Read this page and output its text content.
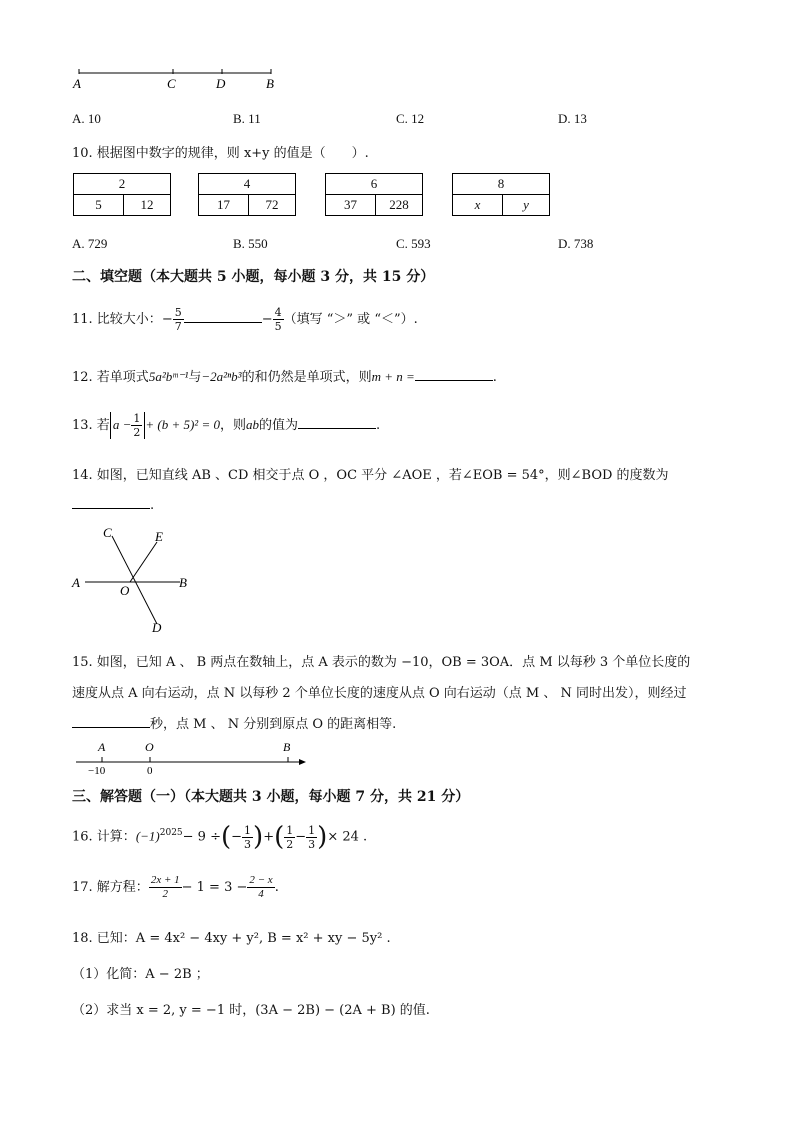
A	C	D	B
A. 10	B. 11	C. 12	D. 13
10. 根据图中数字的规律，则 x+y 的值是（　　）.
2
5	12
4
17	72
6
37	228
8
x	y
A. 729	B. 550	C. 593	D. 738
二、填空题（本大题共 5 小题，每小题 3 分，共 15 分）
11. 比较大小：− $\frac{5}{7}$	− $\frac{4}{5}$ （填写 “＞” 或 “＜”）.
12. 若单项式5a²bᵐ⁻¹与−2a²ⁿb³的和仍然是单项式，则m + n =	.
13. 若 $a - \frac{1}{2} + (b + 5)^2 = 0$，则ab的值为	.
14. 如图，已知直线 AB 、CD 相交于点 O ，OC 平分 ∠AOE ，若∠EOB = 54°，则∠BOD 的度数为
.
C	E
A
O
B
D
15. 如图，已知 A 、 B 两点在数轴上，点 A 表示的数为 −10，OB = 3OA．点 M 以每秒 3 个单位长度的
速度从点 A 向右运动，点 N 以每秒 2 个单位长度的速度从点 O 向右运动（点 M 、 N 同时出发），则经过
秒，点 M 、 N 分别到原点 O 的距离相等.
A	O	B
−10	0
三、解答题（一）（本大题共 3 小题，每小题 7 分，共 21 分）
16. 计算：$(-1)^{2025}- 9$ ÷(− $\frac{1}{3}$ )+( $\frac{1}{2} - \frac{1}{3}$ )× 24 .
17. 解方程： $\frac{2x + 1}{2} - 1 = 3 - \frac{2 - x}{4}$ .
18. 已知：A = 4x² − 4xy + y², B = x² + xy − 5y² .
（1）化简：A − 2B ；
（2）求当 x = 2, y = −1 时，(3A − 2B) − (2A + B) 的值.
